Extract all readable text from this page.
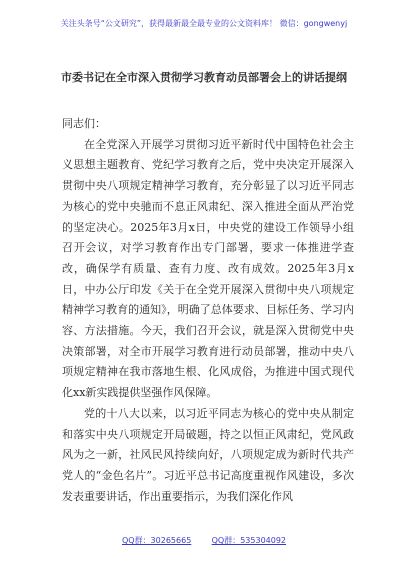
关注头条号“公文研究”，获得最新最全最专业的公文资料库！ 微信：gongwenyj
市委书记在全市深入贯彻学习教育动员部署会上的讲话提纲

同志们：

在全党深入开展学习贯彻习近平新时代中国特色社会主义思想主题教育、党纪学习教育之后，党中央决定开展深入贯彻中央八项规定精神学习教育，充分彰显了以习近平同志为核心的党中央驰而不息正风肃纪、深入推进全面从严治党的坚定决心。2025年3月x日，中央党的建设工作领导小组召开会议，对学习教育作出专门部署，要求一体推进学查改，确保学有质量、查有力度、改有成效。2025年3月x日，中办公厅印发《关于在全党开展深入贯彻中央八项规定精神学习教育的通知》，明确了总体要求、目标任务、学习内容、方法措施。今天，我们召开会议，就是深入贯彻党中央决策部署，对全市开展学习教育进行动员部署，推动中央八项规定精神在我市落地生根、化风成俗，为推进中国式现代化xx新实践提供坚强作风保障。

党的十八大以来，以习近平同志为核心的党中央从制定和落实中央八项规定开局破题，持之以恒正风肃纪，党风政风为之一新，社风民风持续向好，八项规定成为新时代共产党人的“金色名片”。习近平总书记高度重视作风建设，多次发表重要讲话，作出重要指示，为我们深化作风

QQ群：30265665	QQ群：535304092
